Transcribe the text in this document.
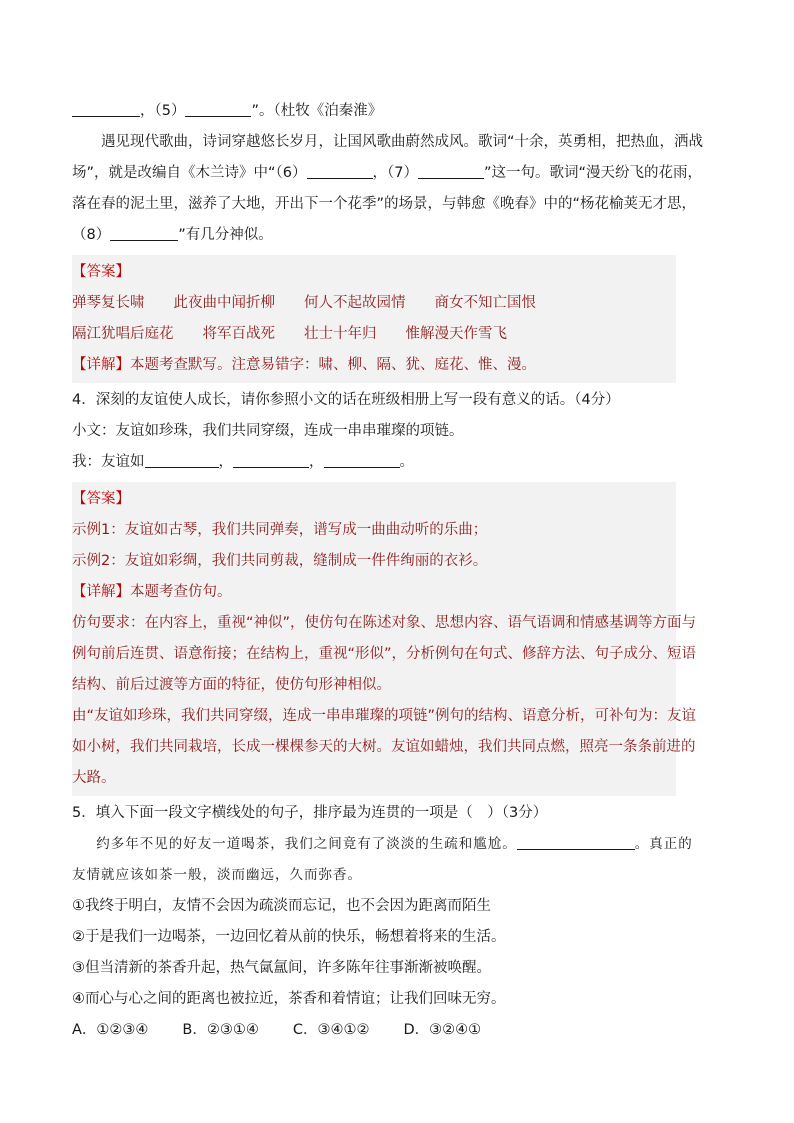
，（5）	”。（杜牧《泊秦淮》
遇见现代歌曲，诗词穿越悠长岁月，让国风歌曲蔚然成风。歌词“十余，英勇相，把热血，洒战
场”，就是改编自《木兰诗》中“（6）	，（7）	”这一句。歌词“漫天纷飞的花雨，
落在春的泥土里，滋养了大地，开出下一个花季”的场景，与韩愈《晚春》中的“杨花榆荚无才思，
（8）	”有几分神似。
【答案】
弹琴复长啸　　此夜曲中闻折柳　　何人不起故园情　　商女不知亡国恨
隔江犹唱后庭花　　将军百战死　　壮士十年归　　惟解漫天作雪飞
【详解】本题考查默写。注意易错字：啸、柳、隔、犹、庭花、惟、漫。
4．深刻的友谊使人成长，请你参照小文的话在班级相册上写一段有意义的话。（4分）
小文：友谊如珍珠，我们共同穿缀，连成一串串璀璨的项链。
我：友谊如	，	，	。
【答案】
示例1：友谊如古琴，我们共同弹奏，谱写成一曲曲动听的乐曲；
示例2：友谊如彩绸，我们共同剪裁，缝制成一件件绚丽的衣衫。
【详解】本题考查仿句。
仿句要求：在内容上，重视“神似”，使仿句在陈述对象、思想内容、语气语调和情感基调等方面与
例句前后连贯、语意衔接；在结构上，重视“形似”，分析例句在句式、修辞方法、句子成分、短语
结构、前后过渡等方面的特征，使仿句形神相似。
由“友谊如珍珠，我们共同穿缀，连成一串串璀璨的项链”例句的结构、语意分析，可补句为：友谊
如小树，我们共同栽培，长成一棵棵参天的大树。友谊如蜡烛，我们共同点燃，照亮一条条前进的
大路。
5．填入下面一段文字横线处的句子，排序最为连贯的一项是（　）（3分）
约多年不见的好友一道喝茶，我们之间竟有了淡淡的生疏和尴尬。	。真正的
友情就应该如茶一般，淡而幽远，久而弥香。
①我终于明白，友情不会因为疏淡而忘记，也不会因为距离而陌生
②于是我们一边喝茶，一边回忆着从前的快乐，畅想着将来的生活。
③但当清新的茶香升起，热气氤氲间，许多陈年往事渐渐被唤醒。
④而心与心之间的距离也被拉近，茶香和着情谊；让我们回味无穷。
A．①②③④ B．②③①④ C．③④①② D．③②④①
